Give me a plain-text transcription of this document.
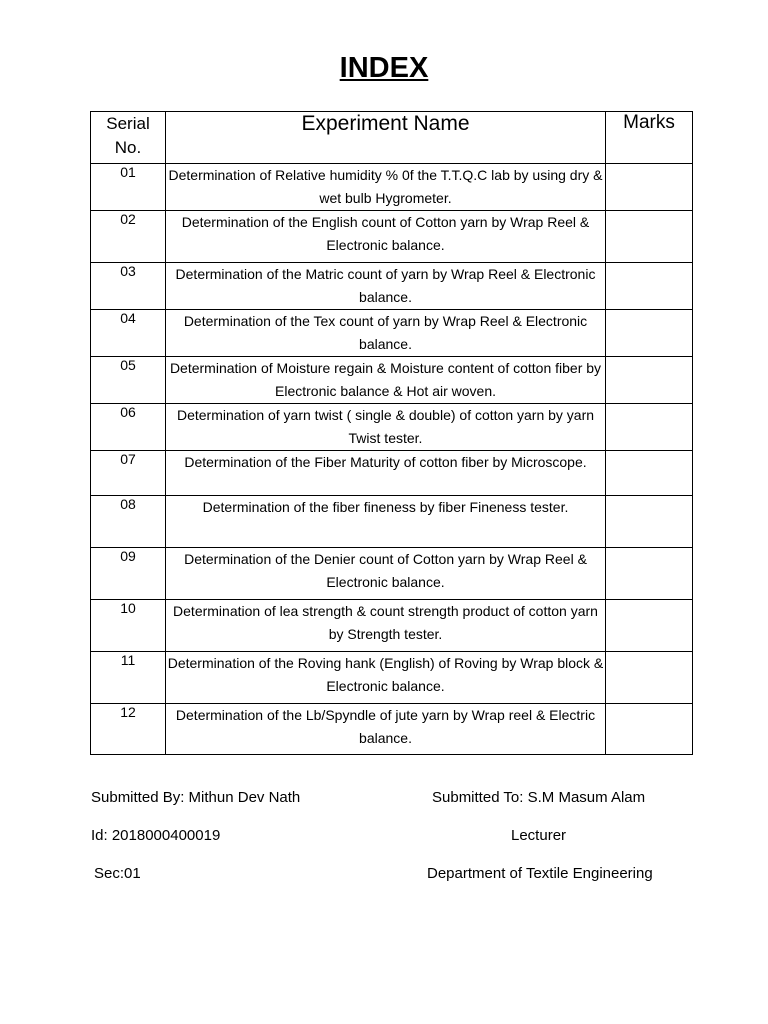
INDEX
Serial No.	Experiment Name	Marks
01	Determination of Relative humidity % 0f the T.T.Q.C lab by using dry & wet bulb Hygrometer.	
02	Determination of the English count of Cotton yarn by Wrap Reel & Electronic balance.	
03	Determination of the Matric count of yarn by Wrap Reel & Electronic balance.	
04	Determination of the Tex count of yarn by Wrap Reel & Electronic balance.	
05	Determination of Moisture regain & Moisture content of cotton fiber by Electronic balance & Hot air woven.	
06	Determination of yarn twist ( single & double) of cotton yarn by yarn Twist tester.	
07	Determination of the Fiber Maturity of cotton fiber by Microscope.	
08	Determination of the fiber fineness by fiber Fineness tester.	
09	Determination of the Denier count of Cotton yarn by Wrap Reel & Electronic balance.	
10	Determination of lea strength & count strength product of cotton yarn by Strength tester.	
11	Determination of the Roving hank (English) of Roving by Wrap block & Electronic balance.	
12	Determination of the Lb/Spyndle of jute yarn by Wrap reel & Electric balance.	
Submitted By: Mithun Dev Nath
Id: 2018000400019
Sec:01
Submitted To: S.M Masum Alam
Lecturer
Department of Textile Engineering
